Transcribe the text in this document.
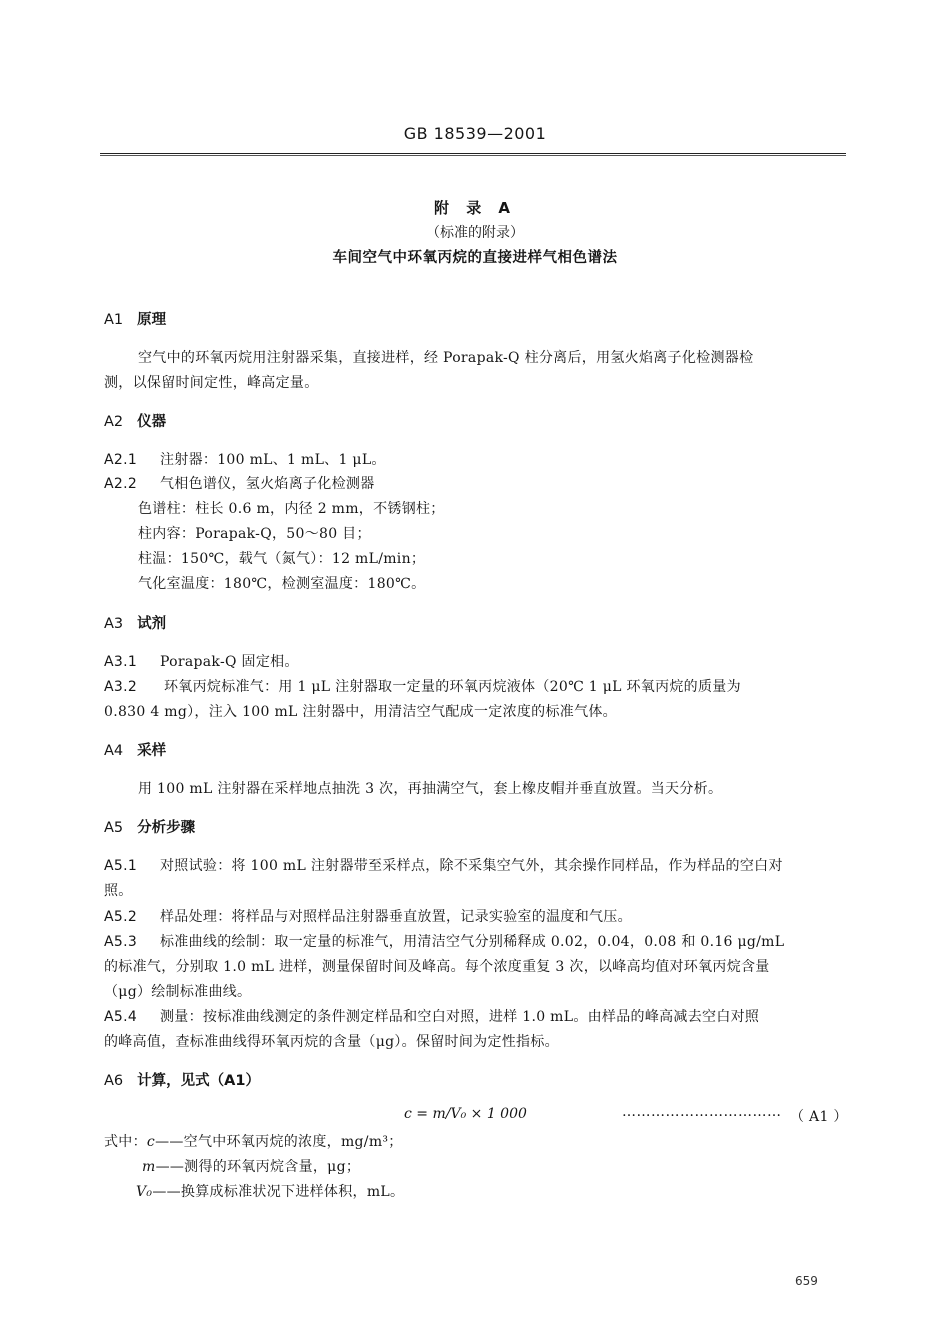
GB 18539—2001
附 录 A
（标准的附录）
车间空气中环氧丙烷的直接进样气相色谱法
A1 原理
空气中的环氧丙烷用注射器采集，直接进样，经 Porapak-Q 柱分离后，用氢火焰离子化检测器检
测，以保留时间定性，峰高定量。
A2 仪器
A2.1 注射器：100 mL、1 mL、1 μL。
A2.2 气相色谱仪，氢火焰离子化检测器
色谱柱：柱长 0.6 m，内径 2 mm，不锈钢柱；
柱内容：Porapak-Q，50～80 目；
柱温：150℃，载气（氮气）：12 mL/min；
气化室温度：180℃，检测室温度：180℃。
A3 试剂
A3.1 Porapak-Q 固定相。
A3.2 环氧丙烷标准气：用 1 μL 注射器取一定量的环氧丙烷液体（20℃ 1 μL 环氧丙烷的质量为
0.830 4 mg），注入 100 mL 注射器中，用清洁空气配成一定浓度的标准气体。
A4 采样
用 100 mL 注射器在采样地点抽洗 3 次，再抽满空气，套上橡皮帽并垂直放置。当天分析。
A5 分析步骤
A5.1 对照试验：将 100 mL 注射器带至采样点，除不采集空气外，其余操作同样品，作为样品的空白对
照。
A5.2 样品处理：将样品与对照样品注射器垂直放置，记录实验室的温度和气压。
A5.3 标准曲线的绘制：取一定量的标准气，用清洁空气分别稀释成 0.02，0.04，0.08 和 0.16 μg/mL
的标准气，分别取 1.0 mL 进样，测量保留时间及峰高。每个浓度重复 3 次，以峰高均值对环氧丙烷含量
（μg）绘制标准曲线。
A5.4 测量：按标准曲线测定的条件测定样品和空白对照，进样 1.0 mL。由样品的峰高减去空白对照
的峰高值，查标准曲线得环氧丙烷的含量（μg）。保留时间为定性指标。
A6 计算，见式（A1）
c = m/V₀ × 1 000	…………………………… （ A1 ）
式中：c——空气中环氧丙烷的浓度，mg/m³；
m——测得的环氧丙烷含量，μg；
V₀——换算成标准状况下进样体积，mL。
659
